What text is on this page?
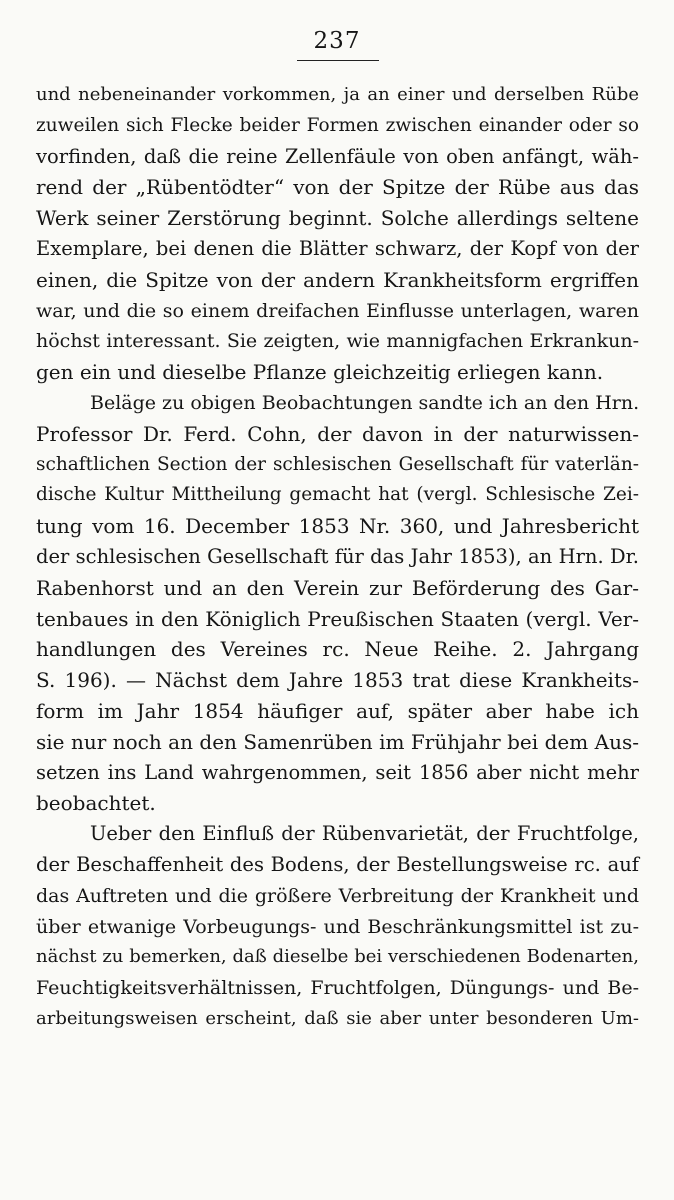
237
und nebeneinander vorkommen, ja an einer und derselben Rübe
zuweilen sich Flecke beider Formen zwischen einander oder so
vorfinden, daß die reine Zellenfäule von oben anfängt, wäh-
rend der „Rübentödter“ von der Spitze der Rübe aus das
Werk seiner Zerstörung beginnt. Solche allerdings seltene
Exemplare, bei denen die Blätter schwarz, der Kopf von der
einen, die Spitze von der andern Krankheitsform ergriffen
war, und die so einem dreifachen Einflusse unterlagen, waren
höchst interessant. Sie zeigten, wie mannigfachen Erkrankun-
gen ein und dieselbe Pflanze gleichzeitig erliegen kann.
Beläge zu obigen Beobachtungen sandte ich an den Hrn.
Professor Dr. Ferd. Cohn, der davon in der naturwissen-
schaftlichen Section der schlesischen Gesellschaft für vaterlän-
dische Kultur Mittheilung gemacht hat (vergl. Schlesische Zei-
tung vom 16. December 1853 Nr. 360, und Jahresbericht
der schlesischen Gesellschaft für das Jahr 1853), an Hrn. Dr.
Rabenhorst und an den Verein zur Beförderung des Gar-
tenbaues in den Königlich Preußischen Staaten (vergl. Ver-
handlungen des Vereines rc. Neue Reihe. 2. Jahrgang
S. 196). — Nächst dem Jahre 1853 trat diese Krankheits-
form im Jahr 1854 häufiger auf, später aber habe ich
sie nur noch an den Samenrüben im Frühjahr bei dem Aus-
setzen ins Land wahrgenommen, seit 1856 aber nicht mehr
beobachtet.
Ueber den Einfluß der Rübenvarietät, der Fruchtfolge,
der Beschaffenheit des Bodens, der Bestellungsweise rc. auf
das Auftreten und die größere Verbreitung der Krankheit und
über etwanige Vorbeugungs- und Beschränkungsmittel ist zu-
nächst zu bemerken, daß dieselbe bei verschiedenen Bodenarten,
Feuchtigkeitsverhältnissen, Fruchtfolgen, Düngungs- und Be-
arbeitungsweisen erscheint, daß sie aber unter besonderen Um-
